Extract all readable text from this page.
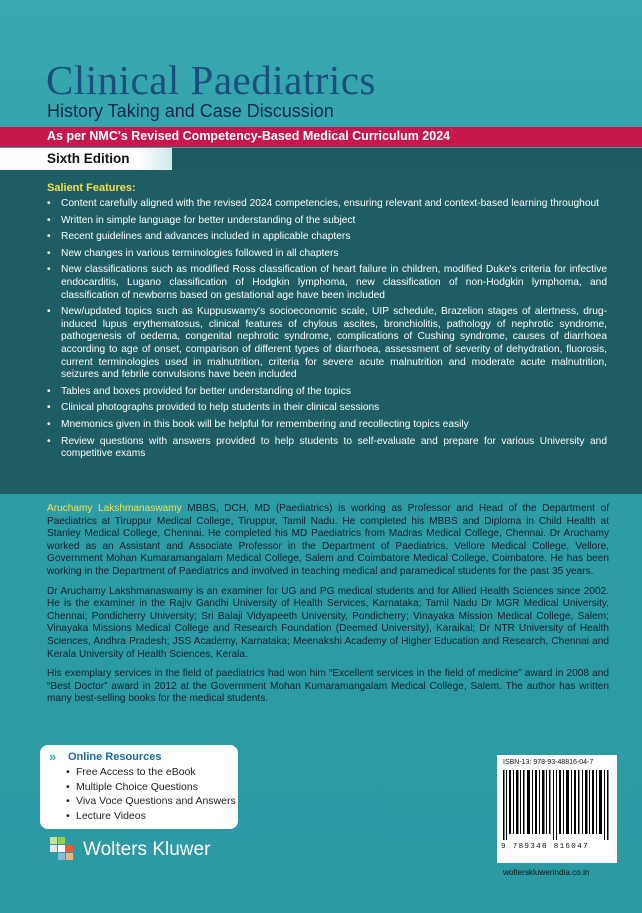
Clinical Paediatrics
History Taking and Case Discussion
As per NMC's Revised Competency-Based Medical Curriculum 2024
Sixth Edition
Salient Features:
• Content carefully aligned with the revised 2024 competencies, ensuring relevant and context-based learning throughout
• Written in simple language for better understanding of the subject
• Recent guidelines and advances included in applicable chapters
• New changes in various terminologies followed in all chapters
• New classifications such as modified Ross classification of heart failure in children, modified Duke's criteria for infective endocarditis, Lugano classification of Hodgkin lymphoma, new classification of non-Hodgkin lymphoma, and classification of newborns based on gestational age have been included
• New/updated topics such as Kuppuswamy's socioeconomic scale, UIP schedule, Brazelion stages of alertness, drug-induced lupus erythematosus, clinical features of chylous ascites, bronchiolitis, pathology of nephrotic syndrome, pathogenesis of oedema, congenital nephrotic syndrome, complications of Cushing syndrome, causes of diarrhoea according to age of onset, comparison of different types of diarrhoea, assessment of severity of dehydration, fluorosis, current terminologies used in malnutrition, criteria for severe acute malnutrition and moderate acute malnutrition, seizures and febrile convulsions have been included
• Tables and boxes provided for better understanding of the topics
• Clinical photographs provided to help students in their clinical sessions
• Mnemonics given in this book will be helpful for remembering and recollecting topics easily
• Review questions with answers provided to help students to self-evaluate and prepare for various University and competitive exams

Aruchamy Lakshmanaswamy MBBS, DCH, MD (Paediatrics) is working as Professor and Head of the Department of Paediatrics at Tiruppur Medical College, Tiruppur, Tamil Nadu. He completed his MBBS and Diploma in Child Health at Stanley Medical College, Chennai. He completed his MD Paediatrics from Madras Medical College, Chennai. Dr Aruchamy worked as an Assistant and Associate Professor in the Department of Paediatrics, Vellore Medical College, Vellore, Government Mohan Kumaramangalam Medical College, Salem and Coimbatore Medical College, Coimbatore. He has been working in the Department of Paediatrics and involved in teaching medical and paramedical students for the past 35 years.

Dr Aruchamy Lakshmanaswamy is an examiner for UG and PG medical students and for Allied Health Sciences since 2002. He is the examiner in the Rajiv Gandhi University of Health Services, Karnataka; Tamil Nadu Dr MGR Medical University, Chennai; Pondicherry University; Sri Balaji Vidyapeeth University, Pondicherry; Vinayaka Mission Medical College, Salem; Vinayaka Missions Medical College and Research Foundation (Deemed University), Karaikal; Dr NTR University of Health Sciences, Andhra Pradesh; JSS Academy, Karnataka; Meenakshi Academy of Higher Education and Research, Chennai and Kerala University of Health Sciences, Kerala.

His exemplary services in the field of paediatrics had won him “Excellent services in the field of medicine” award in 2008 and “Best Doctor” award in 2012 at the Government Mohan Kumaramangalam Medical College, Salem. The author has written many best-selling books for the medical students.

» Online Resources
• Free Access to the eBook
• Multiple Choice Questions
• Viva Voce Questions and Answers
• Lecture Videos
Wolters Kluwer
ISBN-13: 978-93-48816-04-7
9 789348 816047
wolterskluwerindia.co.in
